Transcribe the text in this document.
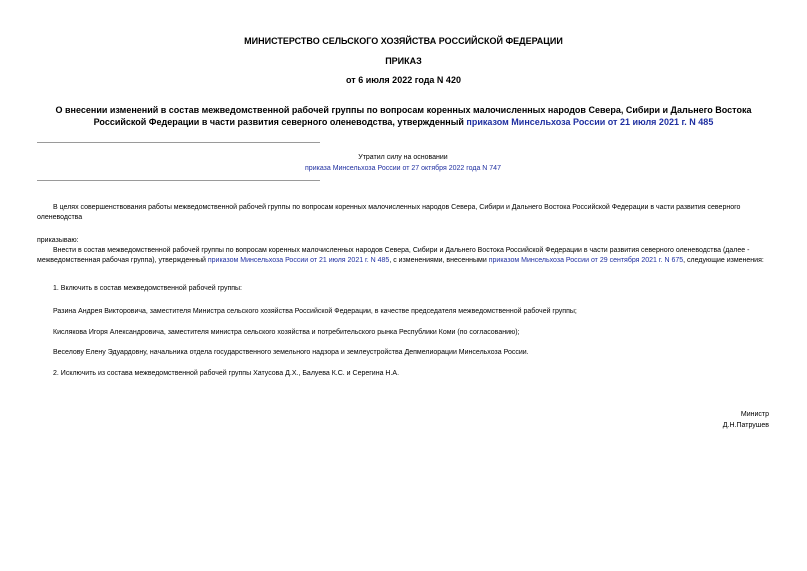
МИНИСТЕРСТВО СЕЛЬСКОГО ХОЗЯЙСТВА РОССИЙСКОЙ ФЕДЕРАЦИИ
ПРИКАЗ
от 6 июля 2022 года N 420
О внесении изменений в состав межведомственной рабочей группы по вопросам коренных малочисленных народов Севера, Сибири и Дальнего Востока Российской Федерации в части развития северного оленеводства, утвержденный приказом Минсельхоза России от 21 июля 2021 г. N 485
Утратил силу на основании
приказа Минсельхоза России от 27 октября 2022 года N 747
В целях совершенствования работы межведомственной рабочей группы по вопросам коренных малочисленных народов Севера, Сибири и Дальнего Востока Российской Федерации в части развития северного оленеводства
приказываю:
Внести в состав межведомственной рабочей группы по вопросам коренных малочисленных народов Севера, Сибири и Дальнего Востока Российской Федерации в части развития северного оленеводства (далее - межведомственная рабочая группа), утвержденный приказом Минсельхоза России от 21 июля 2021 г. N 485, с изменениями, внесенными приказом Минсельхоза России от 29 сентября 2021 г. N 675, следующие изменения:
1. Включить в состав межведомственной рабочей группы:
Разина Андрея Викторовича, заместителя Министра сельского хозяйства Российской Федерации, в качестве председателя межведомственной рабочей группы;
Кислякова Игоря Александровича, заместителя министра сельского хозяйства и потребительского рынка Республики Коми (по согласованию);
Веселову Елену Эдуардовну, начальника отдела государственного земельного надзора и землеустройства Депмелиорации Минсельхоза России.
2. Исключить из состава межведомственной рабочей группы Хатусова Д.Х., Балуева К.С. и Серегина Н.А.
Министр
Д.Н.Патрушев
